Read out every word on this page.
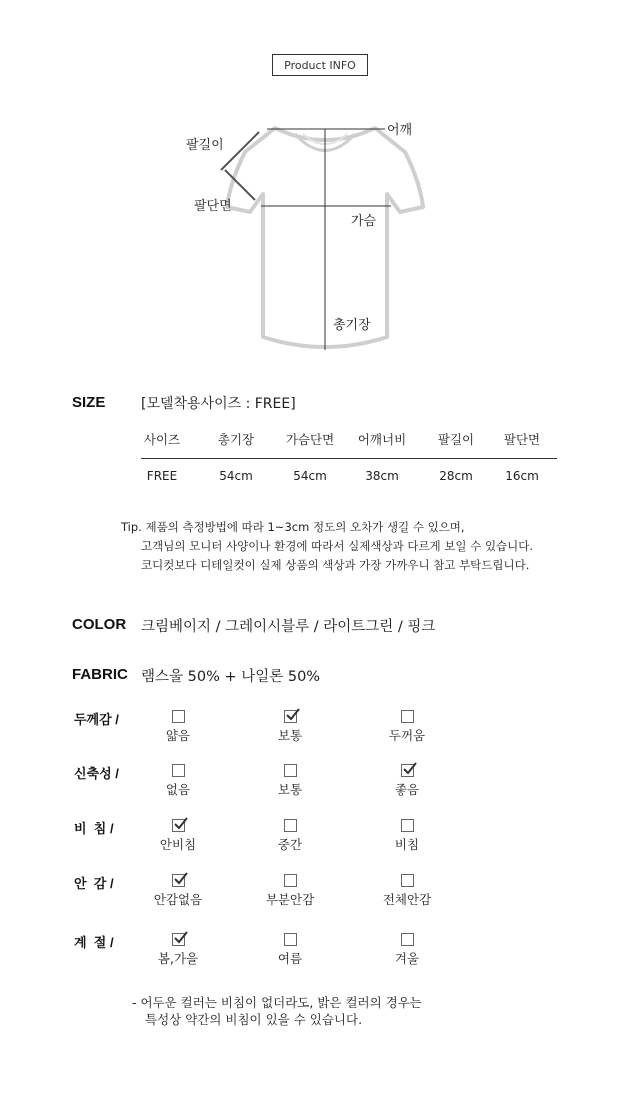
Product INFO
팔길이
어깨
팔단면
가슴
총기장
SIZE	[모델착용사이즈 : FREE]
사이즈	총기장	가슴단면	어깨너비	팔길이	팔단면
FREE	54cm	54cm	38cm	28cm	16cm
Tip. 제품의 측정방법에 따라 1~3cm 정도의 오차가 생길 수 있으며,
고객님의 모니터 사양이나 환경에 따라서 실제색상과 다르게 보일 수 있습니다.
코디컷보다 디테일컷이 실제 상품의 색상과 가장 가까우니 참고 부탁드립니다.
COLOR 크림베이지 / 그레이시블루 / 라이트그린 / 핑크
FABRIC 램스울 50% + 나일론 50%
두께감 /
얇음	보통	두꺼움
신축성 /
없음	보통	좋음
비  침 /
안비침	중간	비침
안  감 /
안감없음	부분안감	전체안감
계  절 /
봄,가을	여름	겨울
- 어두운 컬러는 비침이 없더라도, 밝은 컬러의 경우는
특성상 약간의 비침이 있을 수 있습니다.
